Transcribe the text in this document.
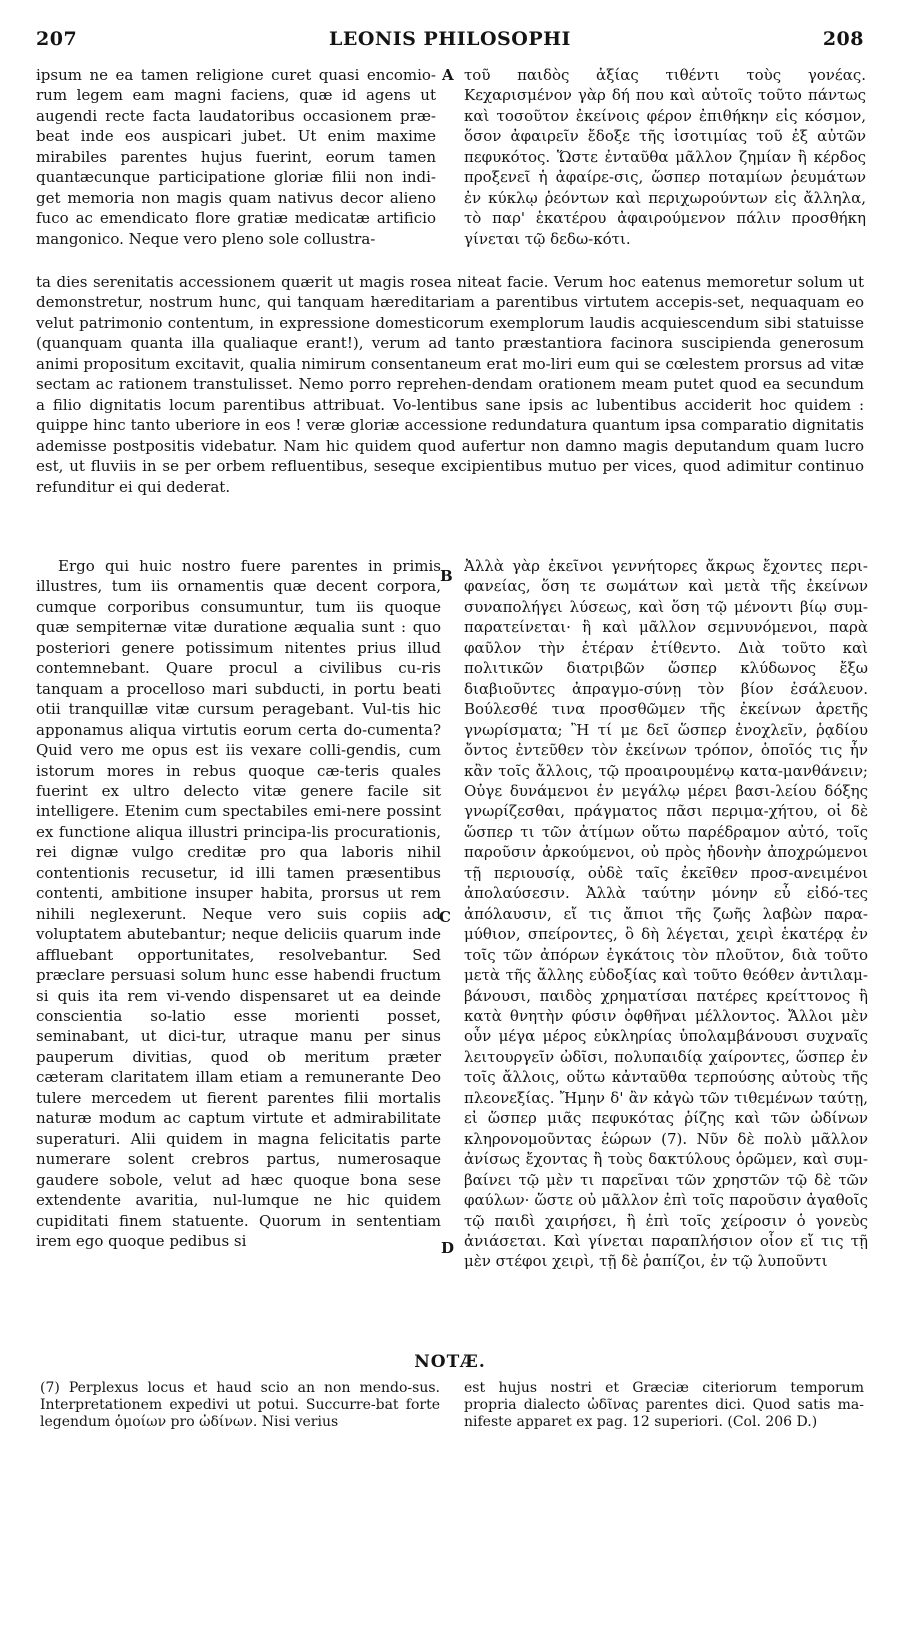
207	LEONIS PHILOSOPHI	208

ipsum ne ea tamen religione curet quasi encomio-rum legem eam magni faciens, quæ id agens ut augendi recte facta laudatoribus occasionem præ-beat inde eos auspicari jubet. Ut enim maxime mirabiles parentes hujus fuerint, eorum tamen quantæcunque participatione gloriæ filii non indi-get memoria non magis quam nativus decor alieno fuco ac emendicato flore gratiæ medicatæ artificio mangonico. Neque vero pleno sole collustra-

A τοῦ παιδὸς ἀξίας τιθέντι τοὺς γονέας. Κεχαρισμένον γὰρ δή που καὶ αὐτοῖς τοῦτο πάντως καὶ τοσοῦτον ἐκείνοις φέρον ἐπιθήκην εἰς κόσμον, ὅσον ἀφαιρεῖν ἔδοξε τῆς ἰσοτιμίας τοῦ ἐξ αὐτῶν πεφυκότος. Ὥστε ἐνταῦθα μᾶλλον ζημίαν ἢ κέρδος προξενεῖ ἡ ἀφαίρε-σις, ὥσπερ ποταμίων ῥευμάτων ἐν κύκλῳ ῥεόντων καὶ περιχωρούντων εἰς ἄλληλα, τὸ παρ' ἑκατέρου ἀφαιρούμενον πάλιν προσθήκη γίνεται τῷ δεδω-κότι.

ta dies serenitatis accessionem quærit ut magis rosea niteat facie. Verum hoc eatenus memoretur solum ut demonstretur, nostrum hunc, qui tanquam hæreditariam a parentibus virtutem accepis-set, nequaquam eo velut patrimonio contentum, in expressione domesticorum exemplorum laudis acquiescendum sibi statuisse (quanquam quanta illa qualiaque erant!), verum ad tanto præstantiora facinora suscipienda generosum animi propositum excitavit, qualia nimirum consentaneum erat mo-liri eum qui se cœlestem prorsus ad vitæ sectam ac rationem transtulisset. Nemo porro reprehen-dendam orationem meam putet quod ea secundum a filio dignitatis locum parentibus attribuat. Vo-lentibus sane ipsis ac lubentibus acciderit hoc quidem : quippe hinc tanto uberiore in eos ! veræ gloriæ accessione redundatura quantum ipsa comparatio dignitatis ademisse postpositis videbatur. Nam hic quidem quod aufertur non damno magis deputandum quam lucro est, ut fluviis in se per orbem refluentibus, seseque excipientibus mutuo per vices, quod adimitur continuo refunditur ei qui dederat.

B
C
D

Ergo qui huic nostro fuere parentes in primis illustres, tum iis ornamentis quæ decent corpora, cumque corporibus consumuntur, tum iis quoque quæ sempiternæ vitæ duratione æqualia sunt : quo posteriori genere potissimum nitentes prius illud contemnebant. Quare procul a civilibus cu-ris tanquam a procelloso mari subducti, in portu beati otii tranquillæ vitæ cursum peragebant. Vul-tis hic apponamus aliqua virtutis eorum certa do-cumenta? Quid vero me opus est iis vexare colli-gendis, cum istorum mores in rebus quoque cæ-teris quales fuerint ex ultro delecto vitæ genere facile sit intelligere. Etenim cum spectabiles emi-nere possint ex functione aliqua illustri principa-lis procurationis, rei dignæ vulgo creditæ pro qua laboris nihil contentionis recusetur, id illi tamen præsentibus contenti, ambitione insuper habita, prorsus ut rem nihili neglexerunt. Neque vero suis copiis ad voluptatem abutebantur; neque deliciis quarum inde affluebant opportunitates, resolvebantur. Sed præclare persuasi solum hunc esse habendi fructum si quis ita rem vi-vendo dispensaret ut ea deinde conscientia so-latio esse morienti posset, seminabant, ut dici-tur, utraque manu per sinus pauperum divitias, quod ob meritum præter cæteram claritatem illam etiam a remunerante Deo tulere mercedem ut fierent parentes filii mortalis naturæ modum ac captum virtute et admirabilitate superaturi. Alii quidem in magna felicitatis parte numerare solent crebros partus, numerosaque gaudere sobole, velut ad hæc quoque bona sese extendente avaritia, nul-lumque ne hic quidem cupiditati finem statuente. Quorum in sententiam irem ego quoque pedibus si

Ἀλλὰ γὰρ ἐκεῖνοι γεννήτορες ἄκρως ἔχοντες περι-φανείας, ὅση τε σωμάτων καὶ μετὰ τῆς ἐκείνων συναπολήγει λύσεως, καὶ ὅση τῷ μένοντι βίῳ συμ-παρατείνεται· ἣ καὶ μᾶλλον σεμνυνόμενοι, παρὰ φαῦλον τὴν ἑτέραν ἐτίθεντο. Διὰ τοῦτο καὶ πολιτικῶν διατριβῶν ὥσπερ κλύδωνος ἔξω διαβιοῦντες ἀπραγμο-σύνῃ τὸν βίον ἐσάλευον. Βούλεσθέ τινα προσθῶμεν τῆς ἐκείνων ἀρετῆς γνωρίσματα; Ἢ τί με δεῖ ὥσπερ ἐνοχλεῖν, ῥᾳδίου ὄντος ἐντεῦθεν τὸν ἐκείνων τρόπον, ὁποῖός τις ἦν κἂν τοῖς ἄλλοις, τῷ προαιρουμένῳ κατα-μανθάνειν; Οὐγε δυνάμενοι ἐν μεγάλῳ μέρει βασι-λείου δόξης γνωρίζεσθαι, πράγματος πᾶσι περιμα-χήτου, οἱ δὲ ὥσπερ τι τῶν ἀτίμων οὕτω παρέδραμον αὐτό, τοῖς παροῦσιν ἀρκούμενοι, οὐ πρὸς ἡδονὴν ἀποχρώμενοι τῇ περιουσίᾳ, οὐδὲ ταῖς ἐκεῖθεν προσ-ανειμένοι ἀπολαύσεσιν. Ἀλλὰ ταύτην μόνην εὖ εἰδό-τες ἀπόλαυσιν, εἴ τις ἄπιοι τῆς ζωῆς λαβὼν παρα-μύθιον, σπείροντες, ὃ δὴ λέγεται, χειρὶ ἑκατέρᾳ ἐν τοῖς τῶν ἀπόρων ἐγκάτοις τὸν πλοῦτον, διὰ τοῦτο μετὰ τῆς ἄλλης εὐδοξίας καὶ τοῦτο θεόθεν ἀντιλαμ-βάνουσι, παιδὸς χρηματίσαι πατέρες κρείττονος ἢ κατὰ θνητὴν φύσιν ὀφθῆναι μέλλοντος. Ἄλλοι μὲν οὖν μέγα μέρος εὐκληρίας ὑπολαμβάνουσι συχναῖς λειτουργεῖν ὠδῖσι, πολυπαιδίᾳ χαίροντες, ὥσπερ ἐν τοῖς ἄλλοις, οὕτω κἀνταῦθα τερπούσης αὐτοὺς τῆς πλεονεξίας. Ἤμην δ' ἂν κἀγὼ τῶν τιθεμένων ταύτῃ, εἰ ὥσπερ μιᾶς πεφυκότας ῥίζης καὶ τῶν ὠδίνων κληρονομοῦντας ἑώρων (7). Νῦν δὲ πολὺ μᾶλλον ἀνίσως ἔχοντας ἢ τοὺς δακτύλους ὁρῶμεν, καὶ συμ-βαίνει τῷ μὲν τι παρεῖναι τῶν χρηστῶν τῷ δὲ τῶν φαύλων· ὥστε οὐ μᾶλλον ἐπὶ τοῖς παροῦσιν ἀγαθοῖς τῷ παιδὶ χαιρήσει, ἢ ἐπὶ τοῖς χείροσιν ὁ γονεὺς ἀνιάσεται. Καὶ γίνεται παραπλήσιον οἷον εἴ τις τῇ μὲν στέφοι χειρὶ, τῇ δὲ ῥαπίζοι, ἐν τῷ λυποῦντι

NOTÆ.
(7) Perplexus locus et haud scio an non mendo-sus. Interpretationem expedivi ut potui. Succurre-bat forte legendum ὁμοίων pro ὠδίνων. Nisi verius
est hujus nostri et Græciæ citeriorum temporum propria dialecto ὠδῖνας parentes dici. Quod satis ma-nifeste apparet ex pag. 12 superiori. (Col. 206 D.)
